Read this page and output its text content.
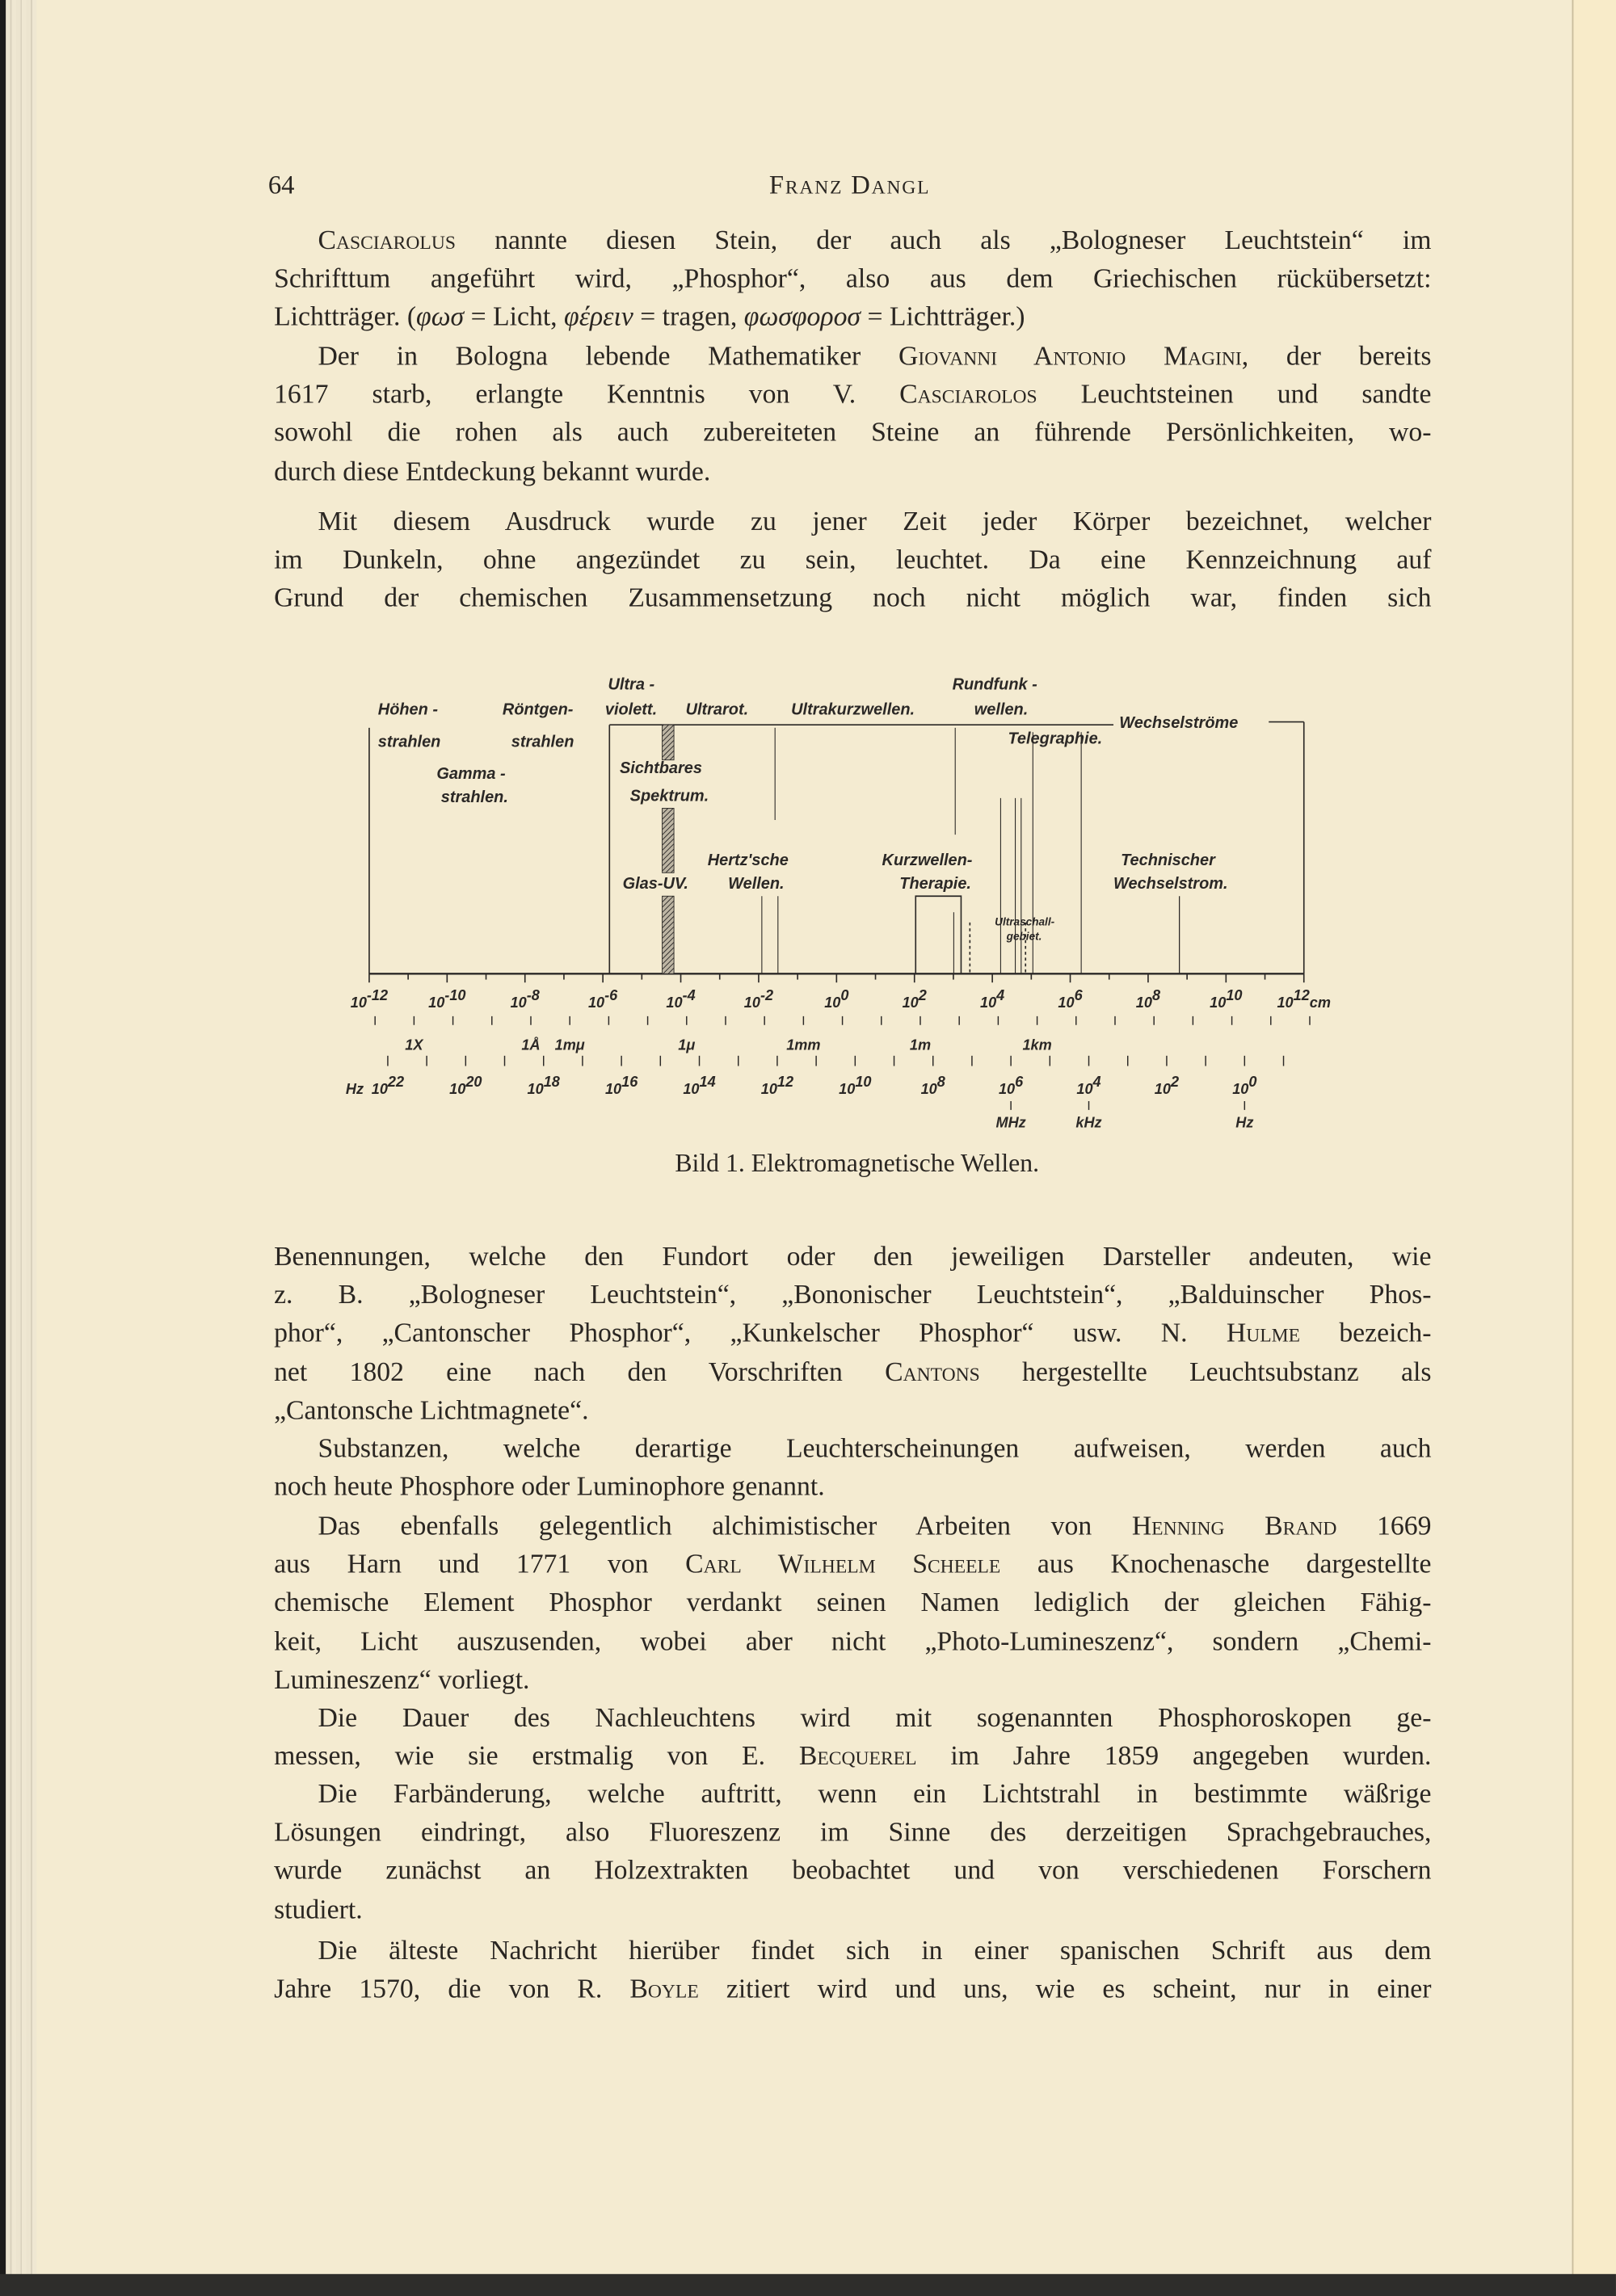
64	Franz Dangl
Casciarolus nannte diesen Stein, der auch als „Bologneser Leuchtstein“ im
Schrifttum angeführt wird, „Phosphor“, also aus dem Griechischen rückübersetzt:
Lichtträger. (φωσ = Licht, φέρειν = tragen, φωσφοροσ = Lichtträger.)
Der in Bologna lebende Mathematiker Giovanni Antonio Magini, der bereits
1617 starb, erlangte Kenntnis von V. Casciarolos Leuchtsteinen und sandte
sowohl die rohen als auch zubereiteten Steine an führende Persönlichkeiten, wo-
durch diese Entdeckung bekannt wurde.
Mit diesem Ausdruck wurde zu jener Zeit jeder Körper bezeichnet, welcher
im Dunkeln, ohne angezündet zu sein, leuchtet. Da eine Kennzeichnung auf
Grund der chemischen Zusammensetzung noch nicht möglich war, finden sich
Ultra -
violett.	Ultrarot.	Ultrakurzwellen.
Rundfunk -
wellen.
Wechselströme
Telegraphie.
Höhen -
strahlen
Röntgen-
strahlen
Gamma -
strahlen.
Sichtbares
Spektrum.
Hertz'sche
Wellen.
Glas-UV.
Kurzwellen-
Therapie.
Technischer
Wechselstrom.
Ultraschall-
gebiet.
10-12	10-10	10-8	10-6	10-4	10-2	100	102	104	106	108	1010	1012cm
1X	1Å 1mμ	1μ	1mm	1m	1km
Hz 1022	1020	1018	1016	1014	1012	1010	108	106	104	102	100
MHz	kHz	Hz
Bild 1. Elektromagnetische Wellen.
Benennungen, welche den Fundort oder den jeweiligen Darsteller andeuten, wie
z. B. „Bologneser Leuchtstein“, „Bononischer Leuchtstein“, „Balduinscher Phos-
phor“, „Cantonscher Phosphor“, „Kunkelscher Phosphor“ usw. N. Hulme bezeich-
net 1802 eine nach den Vorschriften Cantons hergestellte Leuchtsubstanz als
„Cantonsche Lichtmagnete“.
Substanzen, welche derartige Leuchterscheinungen aufweisen, werden auch
noch heute Phosphore oder Luminophore genannt.
Das ebenfalls gelegentlich alchimistischer Arbeiten von Henning Brand 1669
aus Harn und 1771 von Carl Wilhelm Scheele aus Knochenasche dargestellte
chemische Element Phosphor verdankt seinen Namen lediglich der gleichen Fähig-
keit, Licht auszusenden, wobei aber nicht „Photo-Lumineszenz“, sondern „Chemi-
Lumineszenz“ vorliegt.
Die Dauer des Nachleuchtens wird mit sogenannten Phosphoroskopen ge-
messen, wie sie erstmalig von E. Becquerel im Jahre 1859 angegeben wurden.
Die Farbänderung, welche auftritt, wenn ein Lichtstrahl in bestimmte wäßrige
Lösungen eindringt, also Fluoreszenz im Sinne des derzeitigen Sprachgebrauches,
wurde zunächst an Holzextrakten beobachtet und von verschiedenen Forschern
studiert.
Die älteste Nachricht hierüber findet sich in einer spanischen Schrift aus dem
Jahre 1570, die von R. Boyle zitiert wird und uns, wie es scheint, nur in einer
